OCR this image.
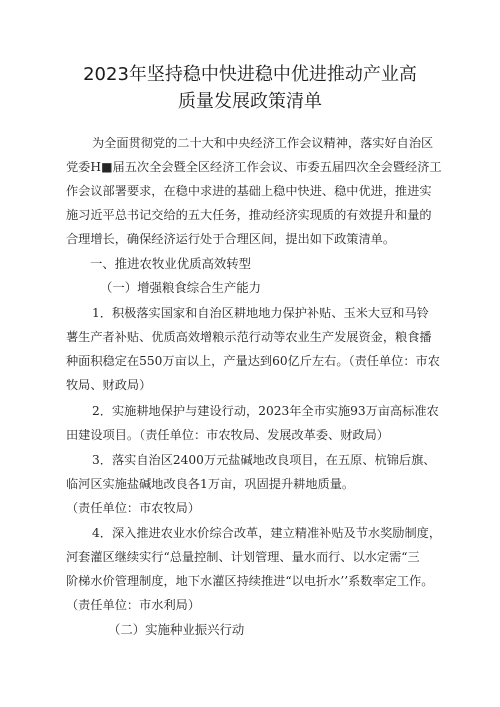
2023年坚持稳中快进稳中优进推动产业高
质量发展政策清单
为全面贯彻党的二十大和中央经济工作会议精神，落实好自治区
党委H■届五次全会暨全区经济工作会议、市委五届四次全会暨经济工
作会议部署要求，在稳中求进的基础上稳中快进、稳中优进，推进实
施习近平总书记交给的五大任务，推动经济实现质的有效提升和量的
合理增长，确保经济运行处于合理区间，提出如下政策清单。
一、推进农牧业优质高效转型
（一）增强粮食综合生产能力
1．积极落实国家和自治区耕地地力保护补贴、玉米大豆和马铃
薯生产者补贴、优质高效增粮示范行动等农业生产发展资金，粮食播
种面积稳定在550万亩以上，产量达到60亿斤左右。（责任单位：市农
牧局、财政局）
2．实施耕地保护与建设行动，2023年全市实施93万亩高标准农
田建设项目。（责任单位：市农牧局、发展改革委、财政局）
3．落实自治区2400万元盐碱地改良项目，在五原、杭锦后旗、
临河区实施盐碱地改良各1万亩，巩固提升耕地质量。
（责任单位：市农牧局）
4．深入推进农业水价综合改革，建立精准补贴及节水奖励制度，
河套灌区继续实行“总量控制、计划管理、量水而行、以水定需“三
阶梯水价管理制度，地下水灌区持续推进“以电折水’’系数率定工作。
（责任单位：市水利局）
（二）实施种业振兴行动
